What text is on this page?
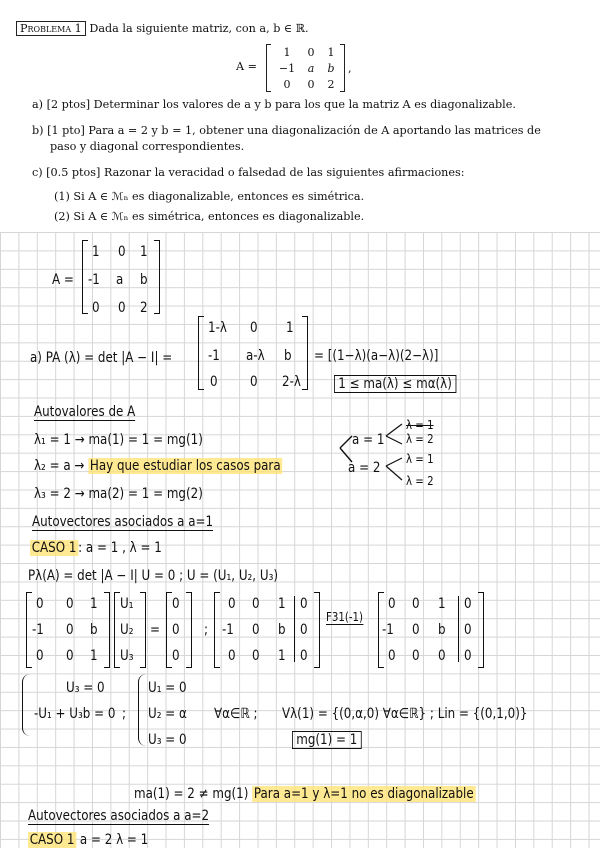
Problema 1 Dada la siguiente matriz, con a, b ∈ ℝ.
A =
1	0	1
−1	a	b
0	0	2
,
a) [2 ptos] Determinar los valores de a y b para los que la matriz A es diagonalizable.
b) [1 pto] Para a = 2 y b = 1, obtener una diagonalización de A aportando las matrices de
paso y diagonal correspondientes.
c) [0.5 ptos] Razonar la veracidad o falsedad de las siguientes afirmaciones:
(1) Si A ∈ ℳₙ es diagonalizable, entonces es simétrica.
(2) Si A ∈ ℳₙ es simétrica, entonces es diagonalizable.
A =
1 0 1
-1 a b
0 0 2
a) PA (λ) = det |A − I| =
1-λ 0 1
-1 a-λ b
0 0 2-λ
= [(1−λ)(a−λ)(2−λ)]
1 ≤ ma(λ) ≤ mα(λ)
Autovalores de A
λ₁ = 1 → ma(1) = 1 = mg(1)
λ₂ = a → Hay que estudiar los casos para
λ₃ = 2 → ma(2) = 1 = mg(2)
a = 1
λ = 1
λ = 2
a = 2
λ = 1
λ = 2
Autovectores asociados a a=1
CASO 1 : a = 1 , λ = 1
Pλ(A) = det |A − I| U = 0 ; U = (U₁, U₂, U₃)
0 0 1
-1 0 b
0 0 1
U₁
U₂
U₃
=
0
0
0
;
0 0 1 0
-1 0 b 0
0 0 1 0
F31(-1)
0 0 1 0
-1 0 b 0
0 0 0 0
U₃ = 0
-U₁ + U₃b = 0 ;
U₁ = 0
U₂ = α
U₃ = 0
∀α∈ℝ ; Vλ(1) = {(0,α,0) ∀α∈ℝ} ; Lin = {(0,1,0)}
mg(1) = 1
ma(1) = 2 ≠ mg(1) Para a=1 y λ=1 no es diagonalizable
Autovectores asociados a a=2
CASO 1 a = 2 λ = 1
